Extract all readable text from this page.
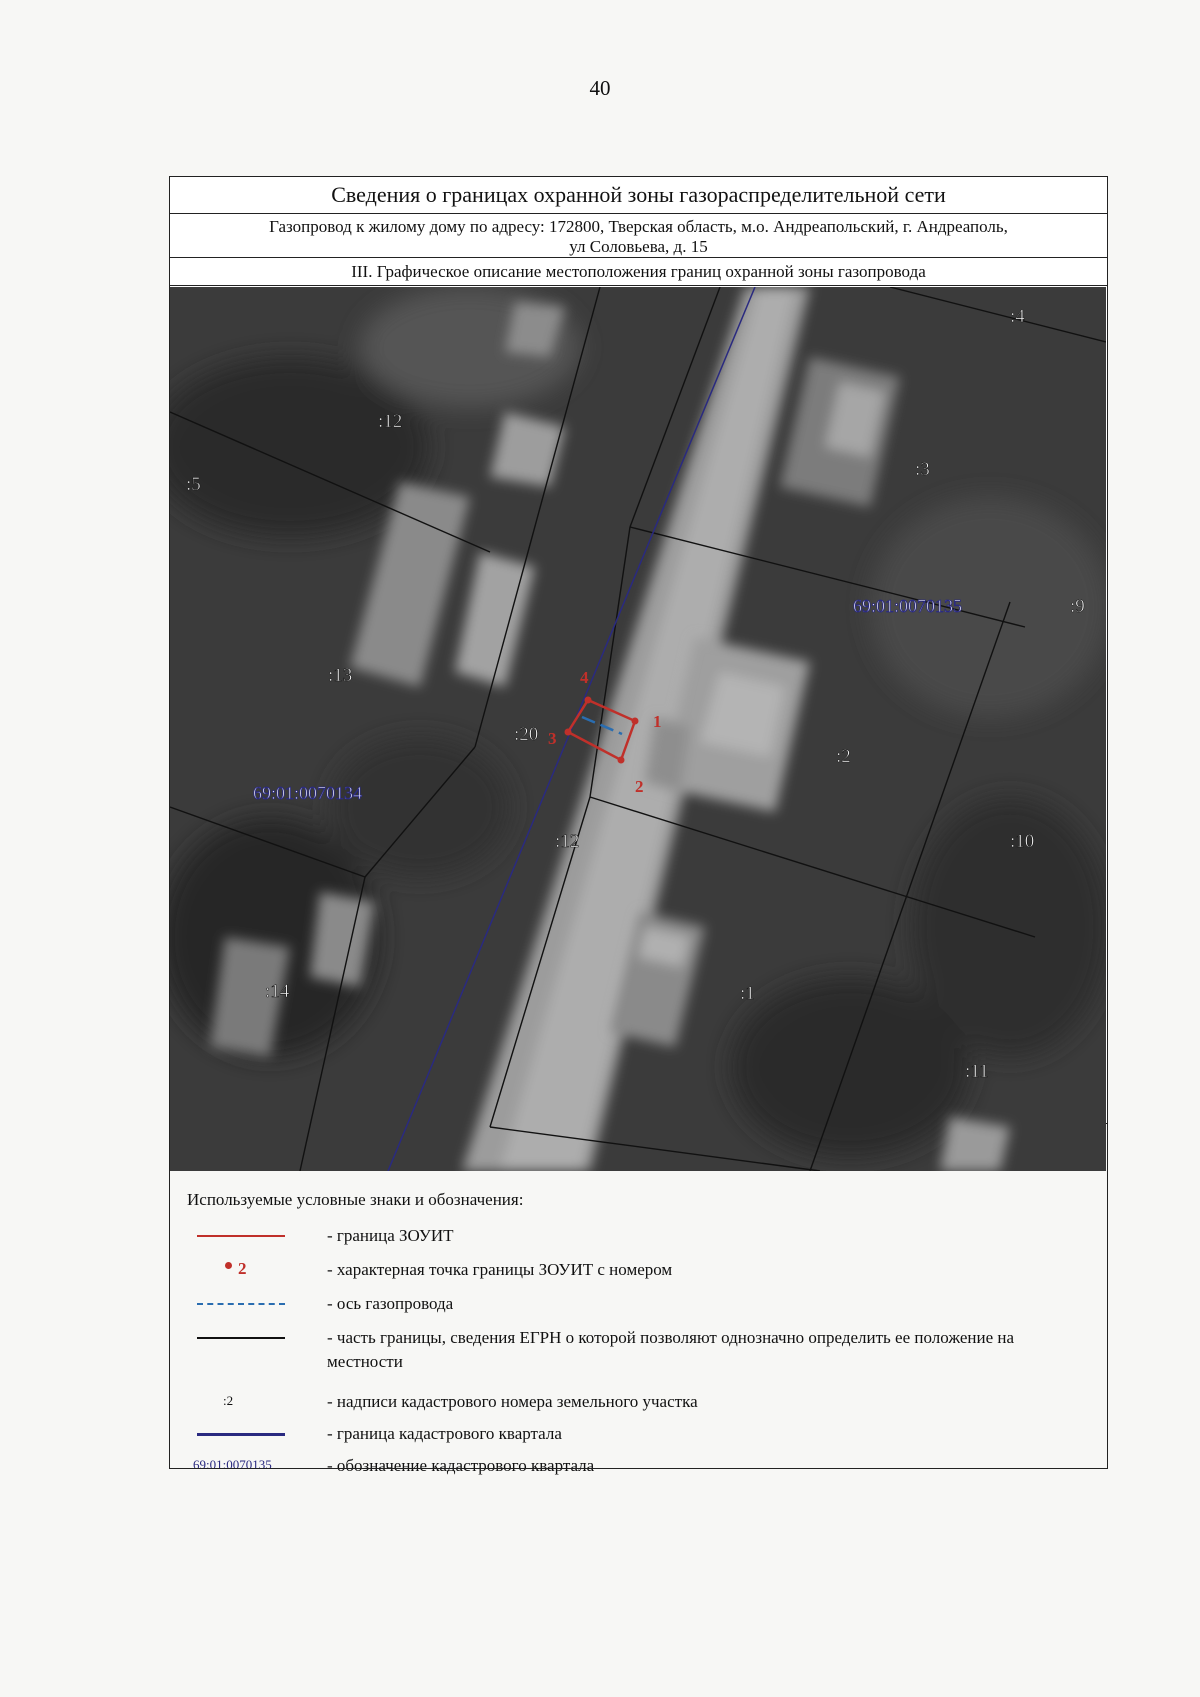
40
Сведения о границах охранной зоны газораспределительной сети
Газопровод к жилому дому по адресу: 172800, Тверская область, м.о. Андреапольский, г. Андреаполь,
ул Соловьева, д. 15
III. Графическое описание местоположения границ охранной зоны газопровода
1
2
3
4
:4
:12
:5
:3
:9
:13
:20
:2
:12	:10
:14	:1
:11
69:01:0070135
69:01:0070134
Используемые условные знаки и обозначения:
- граница ЗОУИТ
2	- характерная точка границы ЗОУИТ с номером
- ось газопровода
- часть границы, сведения ЕГРН о которой позволяют однозначно определить ее положение на местности
:2	- надписи кадастрового номера земельного участка
- граница кадастрового квартала
69:01:0070135	- обозначение кадастрового квартала
